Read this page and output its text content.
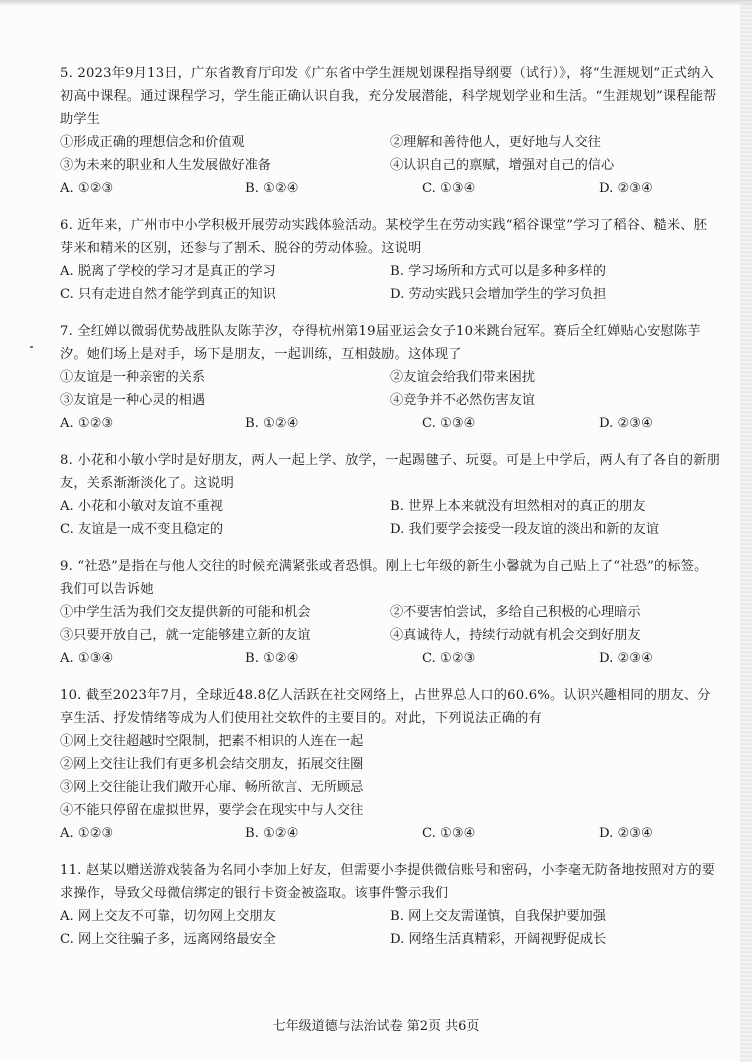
5. 2023年9月13日，广东省教育厅印发《广东省中学生涯规划课程指导纲要（试行）》，将“生涯规划”正式纳入初高中课程。通过课程学习，学生能正确认识自我，充分发展潜能，科学规划学业和生活。“生涯规划”课程能帮助学生
①形成正确的理想信念和价值观	②理解和善待他人，更好地与人交往
③为未来的职业和人生发展做好准备	④认识自己的禀赋，增强对自己的信心
A. ①②③	B. ①②④	C. ①③④	D. ②③④
6. 近年来，广州市中小学积极开展劳动实践体验活动。某校学生在劳动实践“稻谷课堂”学习了稻谷、糙米、胚芽米和精米的区别，还参与了割禾、脱谷的劳动体验。这说明
A. 脱离了学校的学习才是真正的学习	B. 学习场所和方式可以是多种多样的
C. 只有走进自然才能学到真正的知识	D. 劳动实践只会增加学生的学习负担
7. 全红婵以微弱优势战胜队友陈芋汐，夺得杭州第19届亚运会女子10米跳台冠军。赛后全红婵贴心安慰陈芋汐。她们场上是对手，场下是朋友，一起训练，互相鼓励。这体现了
①友谊是一种亲密的关系	②友谊会给我们带来困扰
③友谊是一种心灵的相遇	④竞争并不必然伤害友谊
A. ①②③	B. ①②④	C. ①③④	D. ②③④
8. 小花和小敏小学时是好朋友，两人一起上学、放学，一起踢毽子、玩耍。可是上中学后，两人有了各自的新朋友，关系渐渐淡化了。这说明
A. 小花和小敏对友谊不重视	B. 世界上本来就没有坦然相对的真正的朋友
C. 友谊是一成不变且稳定的	D. 我们要学会接受一段友谊的淡出和新的友谊
9. “社恐”是指在与他人交往的时候充满紧张或者恐惧。刚上七年级的新生小馨就为自己贴上了“社恐”的标签。我们可以告诉她
①中学生活为我们交友提供新的可能和机会	②不要害怕尝试，多给自己积极的心理暗示
③只要开放自己，就一定能够建立新的友谊	④真诚待人，持续行动就有机会交到好朋友
A. ①③④	B. ①②④	C. ①②③	D. ②③④
10. 截至2023年7月，全球近48.8亿人活跃在社交网络上，占世界总人口的60.6%。认识兴趣相同的朋友、分享生活、抒发情绪等成为人们使用社交软件的主要目的。对此，下列说法正确的有
①网上交往超越时空限制，把素不相识的人连在一起
②网上交往让我们有更多机会结交朋友，拓展交往圈
③网上交往能让我们敞开心扉、畅所欲言、无所顾忌
④不能只停留在虚拟世界，要学会在现实中与人交往
A. ①②③	B. ①②④	C. ①③④	D. ②③④
11. 赵某以赠送游戏装备为名同小李加上好友，但需要小李提供微信账号和密码，小李毫无防备地按照对方的要求操作，导致父母微信绑定的银行卡资金被盗取。该事件警示我们
A. 网上交友不可靠，切勿网上交朋友	B. 网上交友需谨慎，自我保护要加强
C. 网上交往骗子多，远离网络最安全	D. 网络生活真精彩，开阔视野促成长
七年级道德与法治试卷 第2页 共6页
